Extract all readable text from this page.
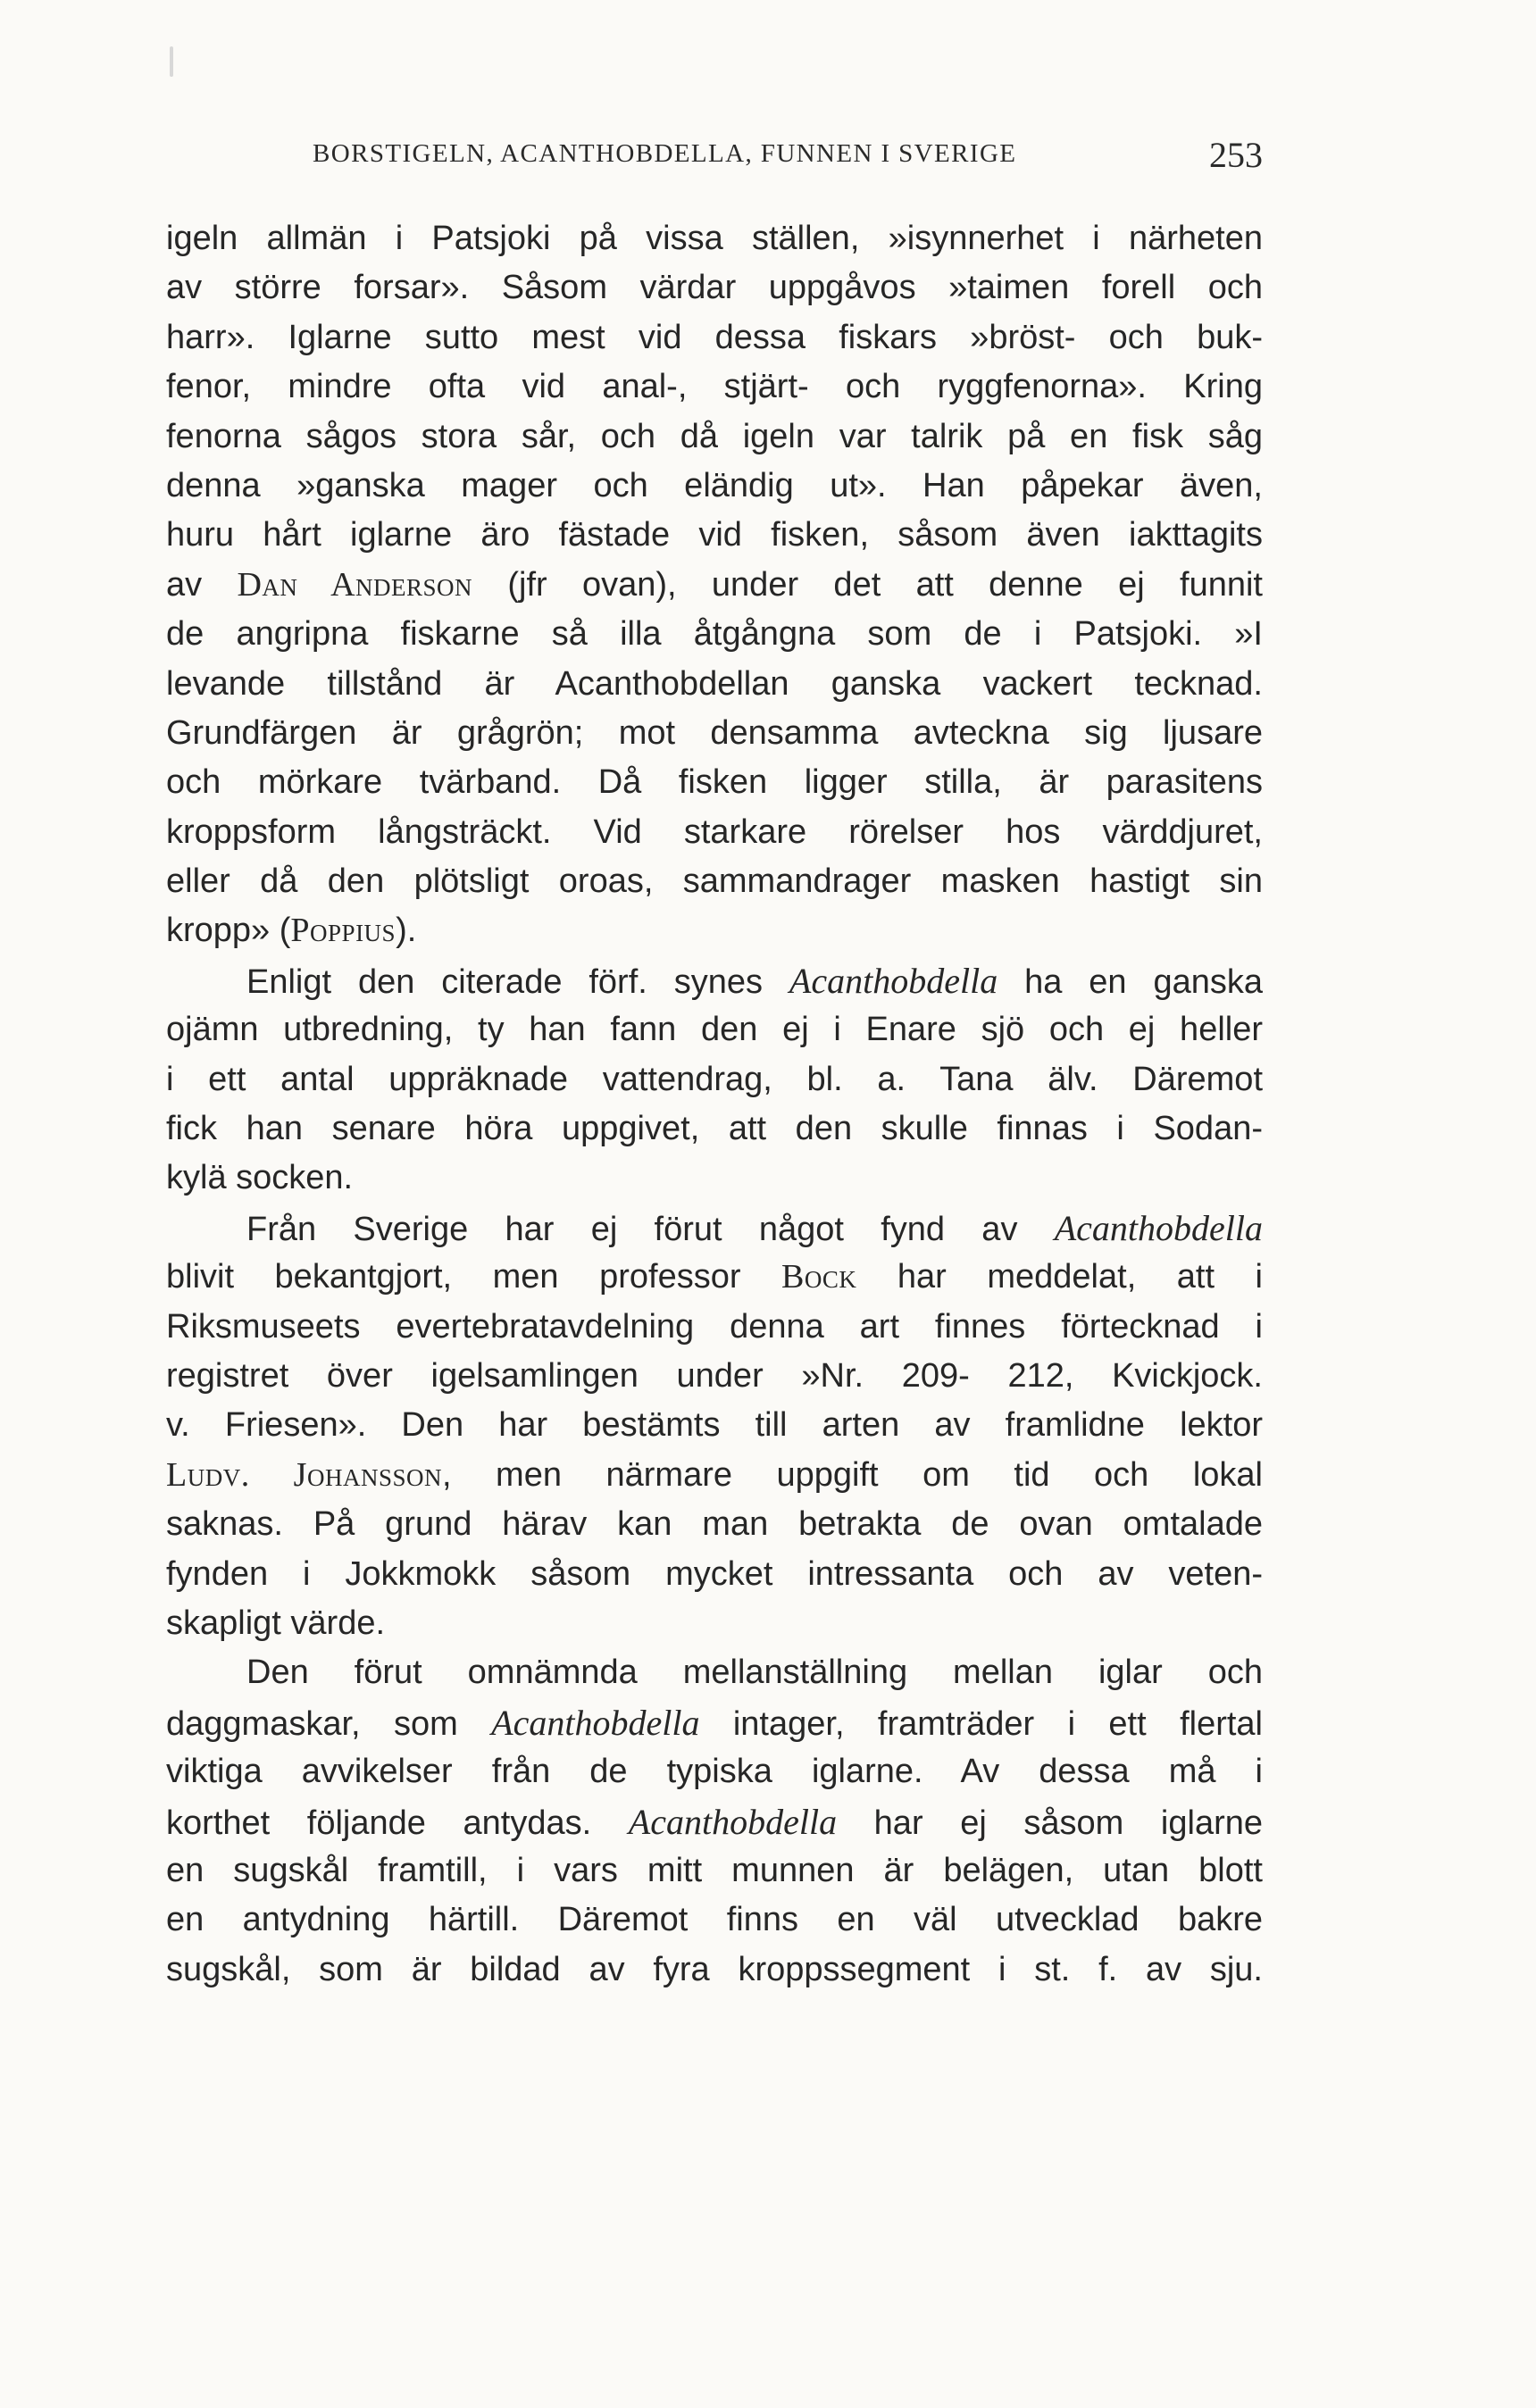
BORSTIGELN, ACANTHOBDELLA, FUNNEN I SVERIGE	253
igeln allmän i Patsjoki på vissa ställen, »isynnerhet i närheten
av större forsar». Såsom värdar uppgåvos »taimen forell och
harr». Iglarne sutto mest vid dessa fiskars »bröst- och buk-
fenor, mindre ofta vid anal-, stjärt- och ryggfenorna». Kring
fenorna sågos stora sår, och då igeln var talrik på en fisk såg
denna »ganska mager och eländig ut». Han påpekar även,
huru hårt iglarne äro fästade vid fisken, såsom även iakttagits
av Dan Anderson (jfr ovan), under det att denne ej funnit
de angripna fiskarne så illa åtgångna som de i Patsjoki. »I
levande tillstånd är Acanthobdellan ganska vackert tecknad.
Grundfärgen är grågrön; mot densamma avteckna sig ljusare
och mörkare tvärband. Då fisken ligger stilla, är parasitens
kroppsform långsträckt. Vid starkare rörelser hos värddjuret,
eller då den plötsligt oroas, sammandrager masken hastigt sin
kropp» (Poppius).
Enligt den citerade förf. synes Acanthobdella ha en ganska
ojämn utbredning, ty han fann den ej i Enare sjö och ej heller
i ett antal uppräknade vattendrag, bl. a. Tana älv. Däremot
fick han senare höra uppgivet, att den skulle finnas i Sodan-
kylä socken.
Från Sverige har ej förut något fynd av Acanthobdella
blivit bekantgjort, men professor Bock har meddelat, att i
Riksmuseets evertebratavdelning denna art finnes förtecknad i
registret över igelsamlingen under »Nr. 209- 212, Kvickjock.
v. Friesen». Den har bestämts till arten av framlidne lektor
Ludv. Johansson, men närmare uppgift om tid och lokal
saknas. På grund härav kan man betrakta de ovan omtalade
fynden i Jokkmokk såsom mycket intressanta och av veten-
skapligt värde.
Den förut omnämnda mellanställning mellan iglar och
daggmaskar, som Acanthobdella intager, framträder i ett flertal
viktiga avvikelser från de typiska iglarne. Av dessa må i
korthet följande antydas. Acanthobdella har ej såsom iglarne
en sugskål framtill, i vars mitt munnen är belägen, utan blott
en antydning härtill. Däremot finns en väl utvecklad bakre
sugskål, som är bildad av fyra kroppssegment i st. f. av sju.
